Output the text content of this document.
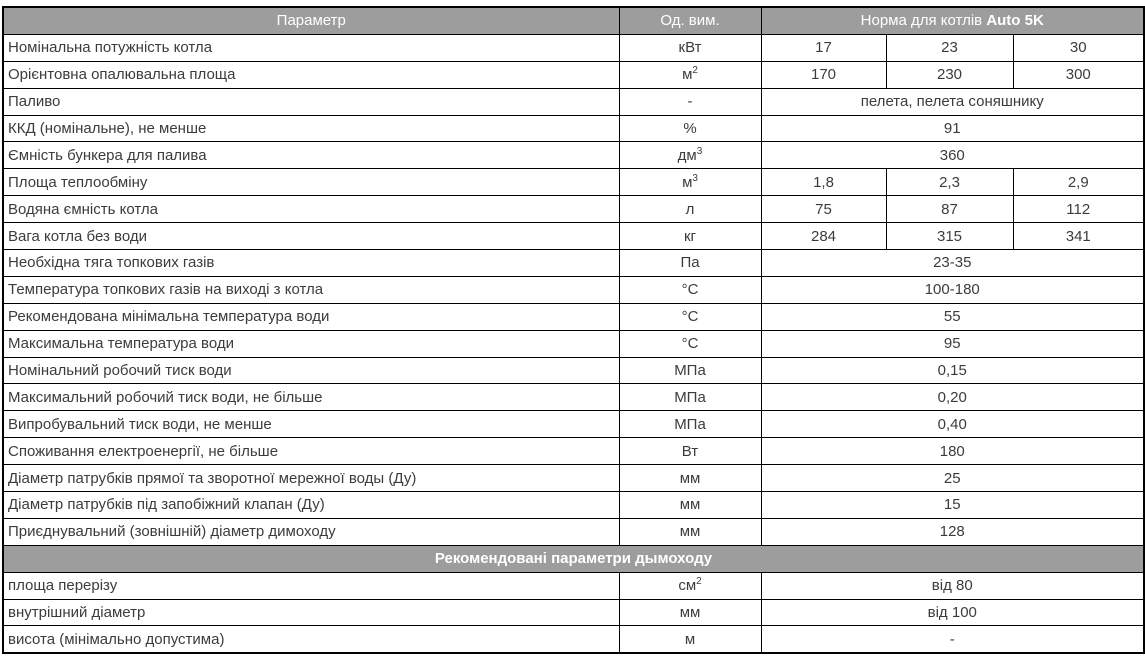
Параметр	Од. вим.	Норма для котлів Auto 5K		
Номінальна потужність котла	кВт	17	23	30
Орієнтовна опалювальна площа	$м^2$	170	230	300
Паливо	-	пелета, пелета соняшнику		
ККД (номінальне), не менше	%	91		
Ємність бункера для палива	$дм^3$	360		
Площа теплообміну	$м^3$	1,8	2,3	2,9
Водяна ємність котла	л	75	87	112
Вага котла без води	кг	284	315	341
Необхідна тяга топкових газів	Па	23-35		
Температура топкових газів на виході з котла	°С	100-180		
Рекомендована мінімальна температура води	°С	55		
Максимальна температура води	°С	95		
Номінальний робочий тиск води	МПа	0,15		
Максимальний робочий тиск води, не більше	МПа	0,20		
Випробувальний тиск води, не менше	МПа	0,40		
Споживання електроенергії, не більше	Вт	180		
Діаметр патрубків прямої та зворотної мережної воды (Ду)	мм	25		
Діаметр патрубків під запобіжний клапан (Ду)	мм	15		
Приєднувальний (зовнішній) діаметр димоходу	мм	128		
Рекомендовані параметри дымоходу				
площа перерізу	$см^2$	від 80		
внутрішний діаметр	мм	від 100		
висота (мінімально допустима)	м	-		
